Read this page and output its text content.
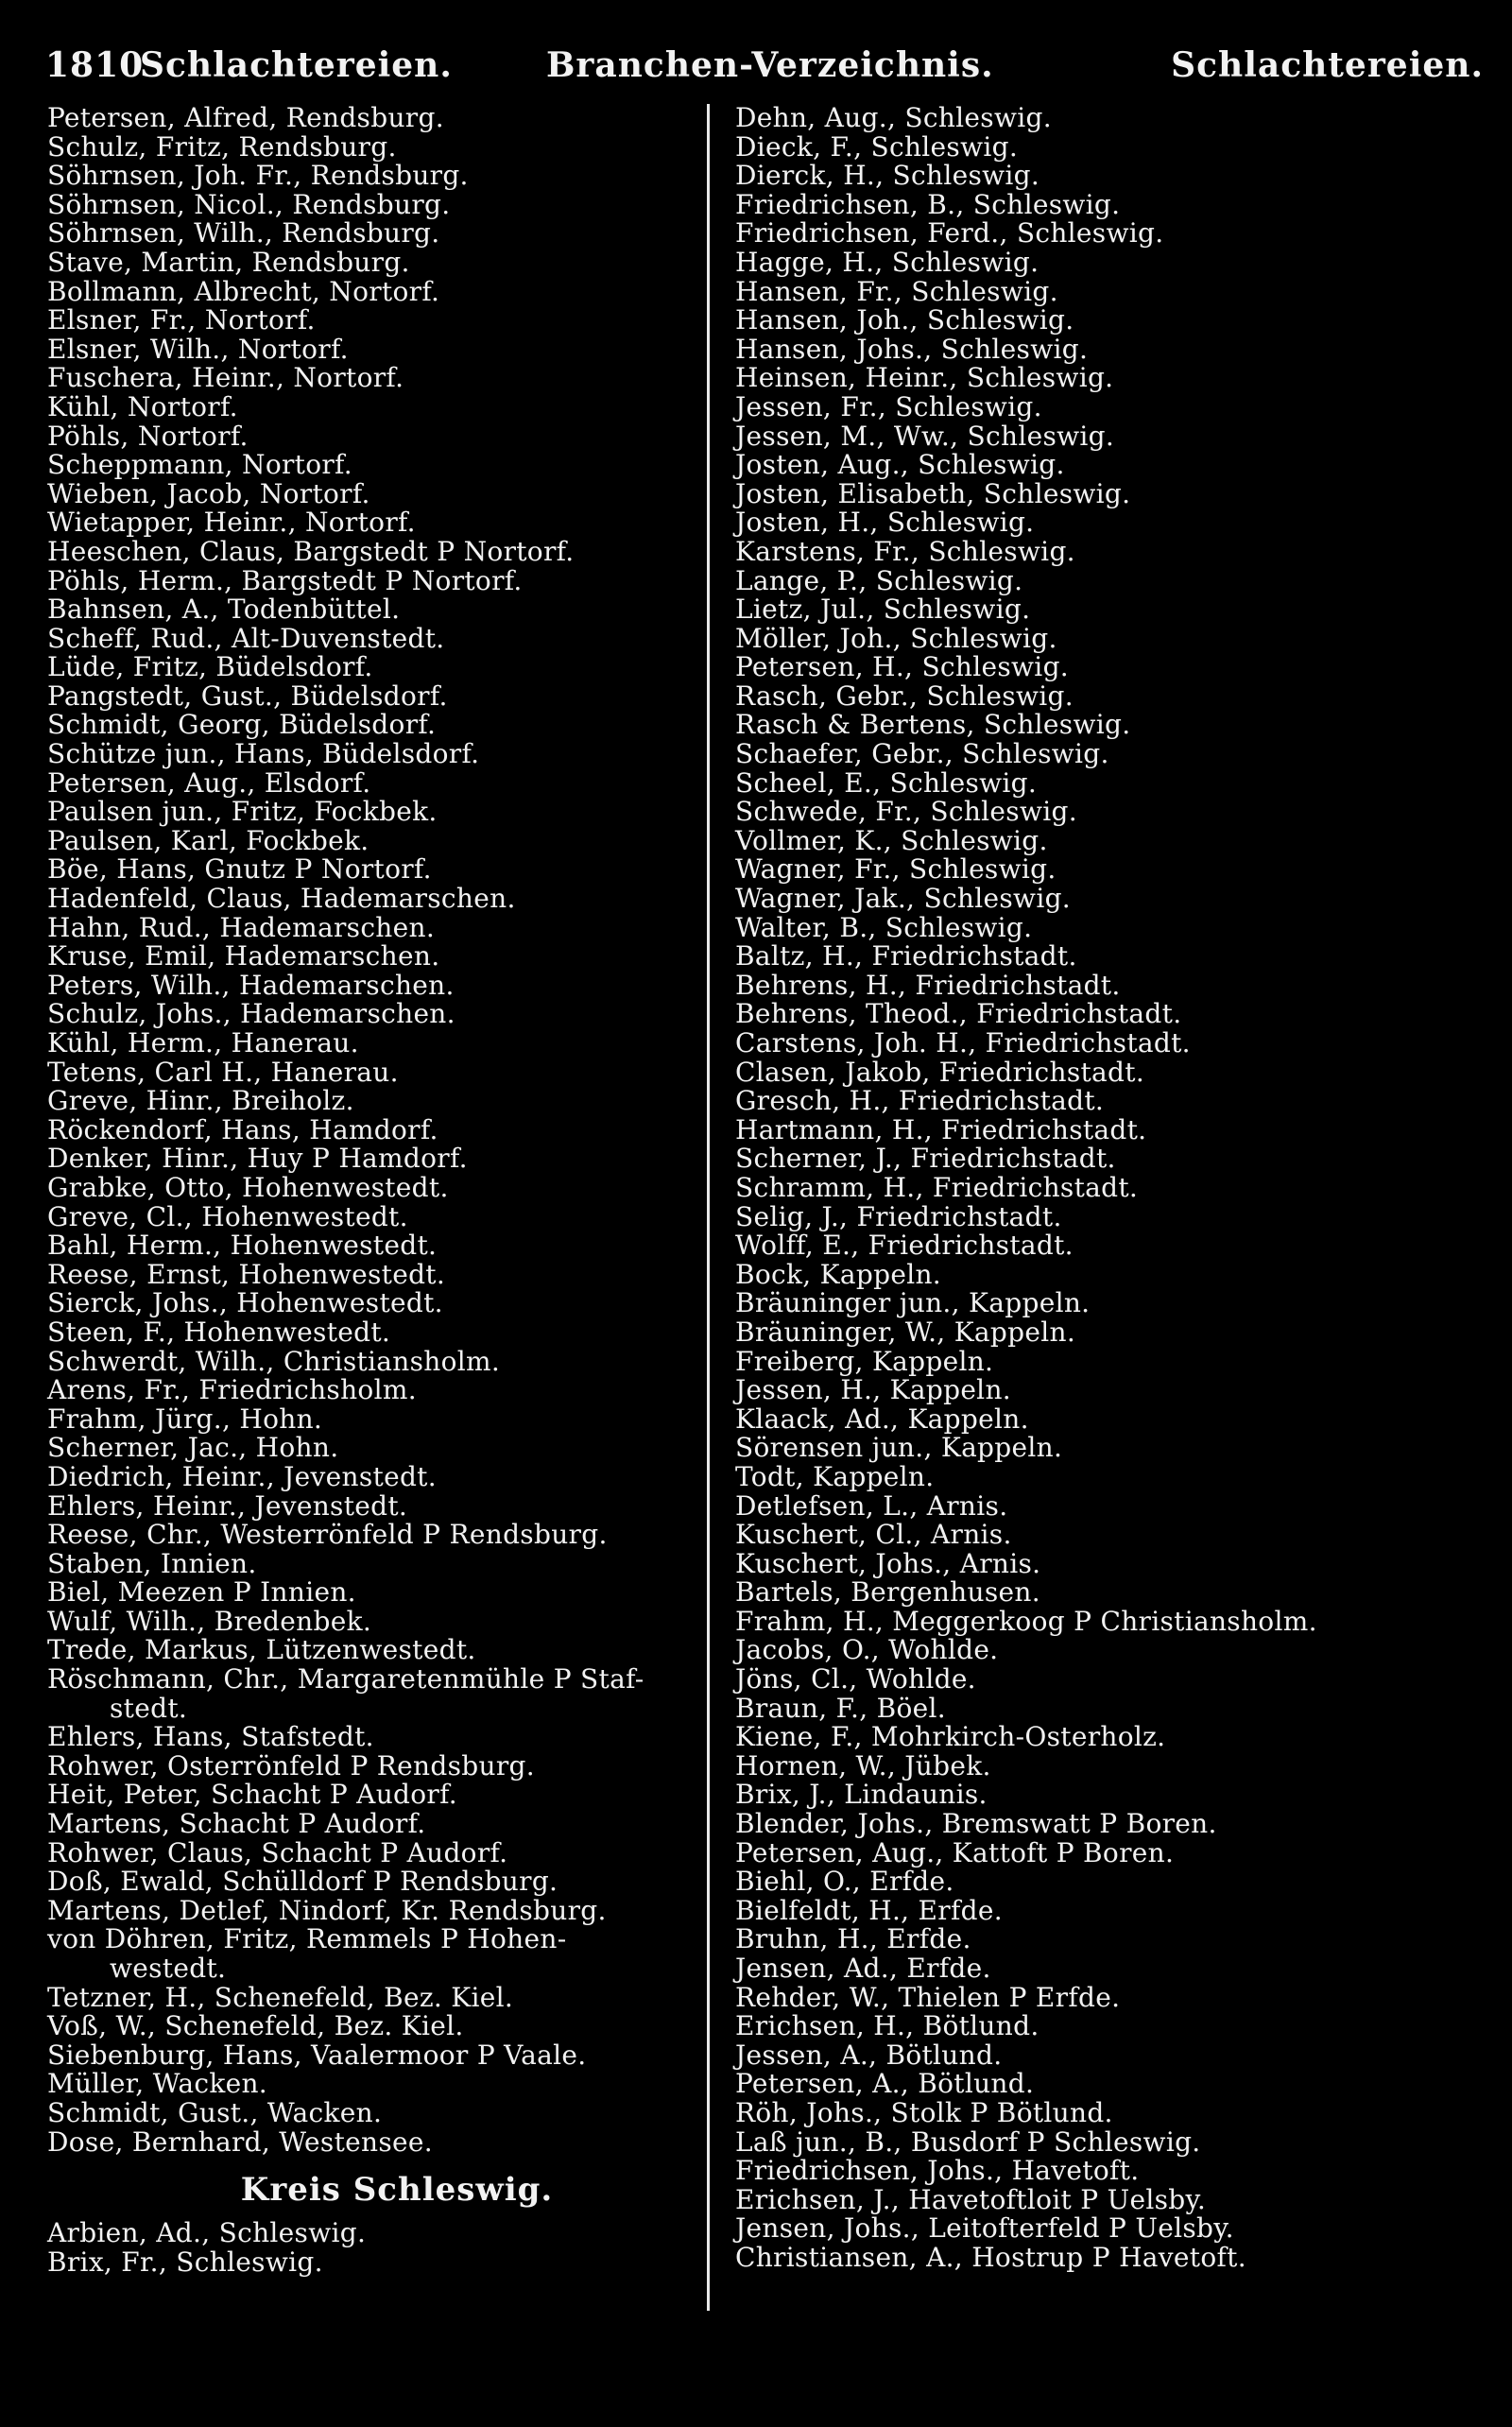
1810
Schlachtereien.	Branchen-Verzeichnis.	Schlachtereien.
Petersen, Alfred, Rendsburg.
Schulz, Fritz, Rendsburg.
Söhrnsen, Joh. Fr., Rendsburg.
Söhrnsen, Nicol., Rendsburg.
Söhrnsen, Wilh., Rendsburg.
Stave, Martin, Rendsburg.
Bollmann, Albrecht, Nortorf.
Elsner, Fr., Nortorf.
Elsner, Wilh., Nortorf.
Fuschera, Heinr., Nortorf.
Kühl, Nortorf.
Pöhls, Nortorf.
Scheppmann, Nortorf.
Wieben, Jacob, Nortorf.
Wietapper, Heinr., Nortorf.
Heeschen, Claus, Bargstedt P Nortorf.
Pöhls, Herm., Bargstedt P Nortorf.
Bahnsen, A., Todenbüttel.
Scheff, Rud., Alt-Duvenstedt.
Lüde, Fritz, Büdelsdorf.
Pangstedt, Gust., Büdelsdorf.
Schmidt, Georg, Büdelsdorf.
Schütze jun., Hans, Büdelsdorf.
Petersen, Aug., Elsdorf.
Paulsen jun., Fritz, Fockbek.
Paulsen, Karl, Fockbek.
Böe, Hans, Gnutz P Nortorf.
Hadenfeld, Claus, Hademarschen.
Hahn, Rud., Hademarschen.
Kruse, Emil, Hademarschen.
Peters, Wilh., Hademarschen.
Schulz, Johs., Hademarschen.
Kühl, Herm., Hanerau.
Tetens, Carl H., Hanerau.
Greve, Hinr., Breiholz.
Röckendorf, Hans, Hamdorf.
Denker, Hinr., Huy P Hamdorf.
Grabke, Otto, Hohenwestedt.
Greve, Cl., Hohenwestedt.
Bahl, Herm., Hohenwestedt.
Reese, Ernst, Hohenwestedt.
Sierck, Johs., Hohenwestedt.
Steen, F., Hohenwestedt.
Schwerdt, Wilh., Christiansholm.
Arens, Fr., Friedrichsholm.
Frahm, Jürg., Hohn.
Scherner, Jac., Hohn.
Diedrich, Heinr., Jevenstedt.
Ehlers, Heinr., Jevenstedt.
Reese, Chr., Westerrönfeld P Rendsburg.
Staben, Innien.
Biel, Meezen P Innien.
Wulf, Wilh., Bredenbek.
Trede, Markus, Lützenwestedt.
Röschmann, Chr., Margaretenmühle P Staf-
stedt.
Ehlers, Hans, Stafstedt.
Rohwer, Osterrönfeld P Rendsburg.
Heit, Peter, Schacht P Audorf.
Martens, Schacht P Audorf.
Rohwer, Claus, Schacht P Audorf.
Doß, Ewald, Schülldorf P Rendsburg.
Martens, Detlef, Nindorf, Kr. Rendsburg.
von Döhren, Fritz, Remmels P Hohen-
westedt.
Tetzner, H., Schenefeld, Bez. Kiel.
Voß, W., Schenefeld, Bez. Kiel.
Siebenburg, Hans, Vaalermoor P Vaale.
Müller, Wacken.
Schmidt, Gust., Wacken.
Dose, Bernhard, Westensee.
Kreis Schleswig.
Arbien, Ad., Schleswig.
Brix, Fr., Schleswig.
Dehn, Aug., Schleswig.
Dieck, F., Schleswig.
Dierck, H., Schleswig.
Friedrichsen, B., Schleswig.
Friedrichsen, Ferd., Schleswig.
Hagge, H., Schleswig.
Hansen, Fr., Schleswig.
Hansen, Joh., Schleswig.
Hansen, Johs., Schleswig.
Heinsen, Heinr., Schleswig.
Jessen, Fr., Schleswig.
Jessen, M., Ww., Schleswig.
Josten, Aug., Schleswig.
Josten, Elisabeth, Schleswig.
Josten, H., Schleswig.
Karstens, Fr., Schleswig.
Lange, P., Schleswig.
Lietz, Jul., Schleswig.
Möller, Joh., Schleswig.
Petersen, H., Schleswig.
Rasch, Gebr., Schleswig.
Rasch & Bertens, Schleswig.
Schaefer, Gebr., Schleswig.
Scheel, E., Schleswig.
Schwede, Fr., Schleswig.
Vollmer, K., Schleswig.
Wagner, Fr., Schleswig.
Wagner, Jak., Schleswig.
Walter, B., Schleswig.
Baltz, H., Friedrichstadt.
Behrens, H., Friedrichstadt.
Behrens, Theod., Friedrichstadt.
Carstens, Joh. H., Friedrichstadt.
Clasen, Jakob, Friedrichstadt.
Gresch, H., Friedrichstadt.
Hartmann, H., Friedrichstadt.
Scherner, J., Friedrichstadt.
Schramm, H., Friedrichstadt.
Selig, J., Friedrichstadt.
Wolff, E., Friedrichstadt.
Bock, Kappeln.
Bräuninger jun., Kappeln.
Bräuninger, W., Kappeln.
Freiberg, Kappeln.
Jessen, H., Kappeln.
Klaack, Ad., Kappeln.
Sörensen jun., Kappeln.
Todt, Kappeln.
Detlefsen, L., Arnis.
Kuschert, Cl., Arnis.
Kuschert, Johs., Arnis.
Bartels, Bergenhusen.
Frahm, H., Meggerkoog P Christiansholm.
Jacobs, O., Wohlde.
Jöns, Cl., Wohlde.
Braun, F., Böel.
Kiene, F., Mohrkirch-Osterholz.
Hornen, W., Jübek.
Brix, J., Lindaunis.
Blender, Johs., Bremswatt P Boren.
Petersen, Aug., Kattoft P Boren.
Biehl, O., Erfde.
Bielfeldt, H., Erfde.
Bruhn, H., Erfde.
Jensen, Ad., Erfde.
Rehder, W., Thielen P Erfde.
Erichsen, H., Bötlund.
Jessen, A., Bötlund.
Petersen, A., Bötlund.
Röh, Johs., Stolk P Bötlund.
Laß jun., B., Busdorf P Schleswig.
Friedrichsen, Johs., Havetoft.
Erichsen, J., Havetoftloit P Uelsby.
Jensen, Johs., Leitofterfeld P Uelsby.
Christiansen, A., Hostrup P Havetoft.
